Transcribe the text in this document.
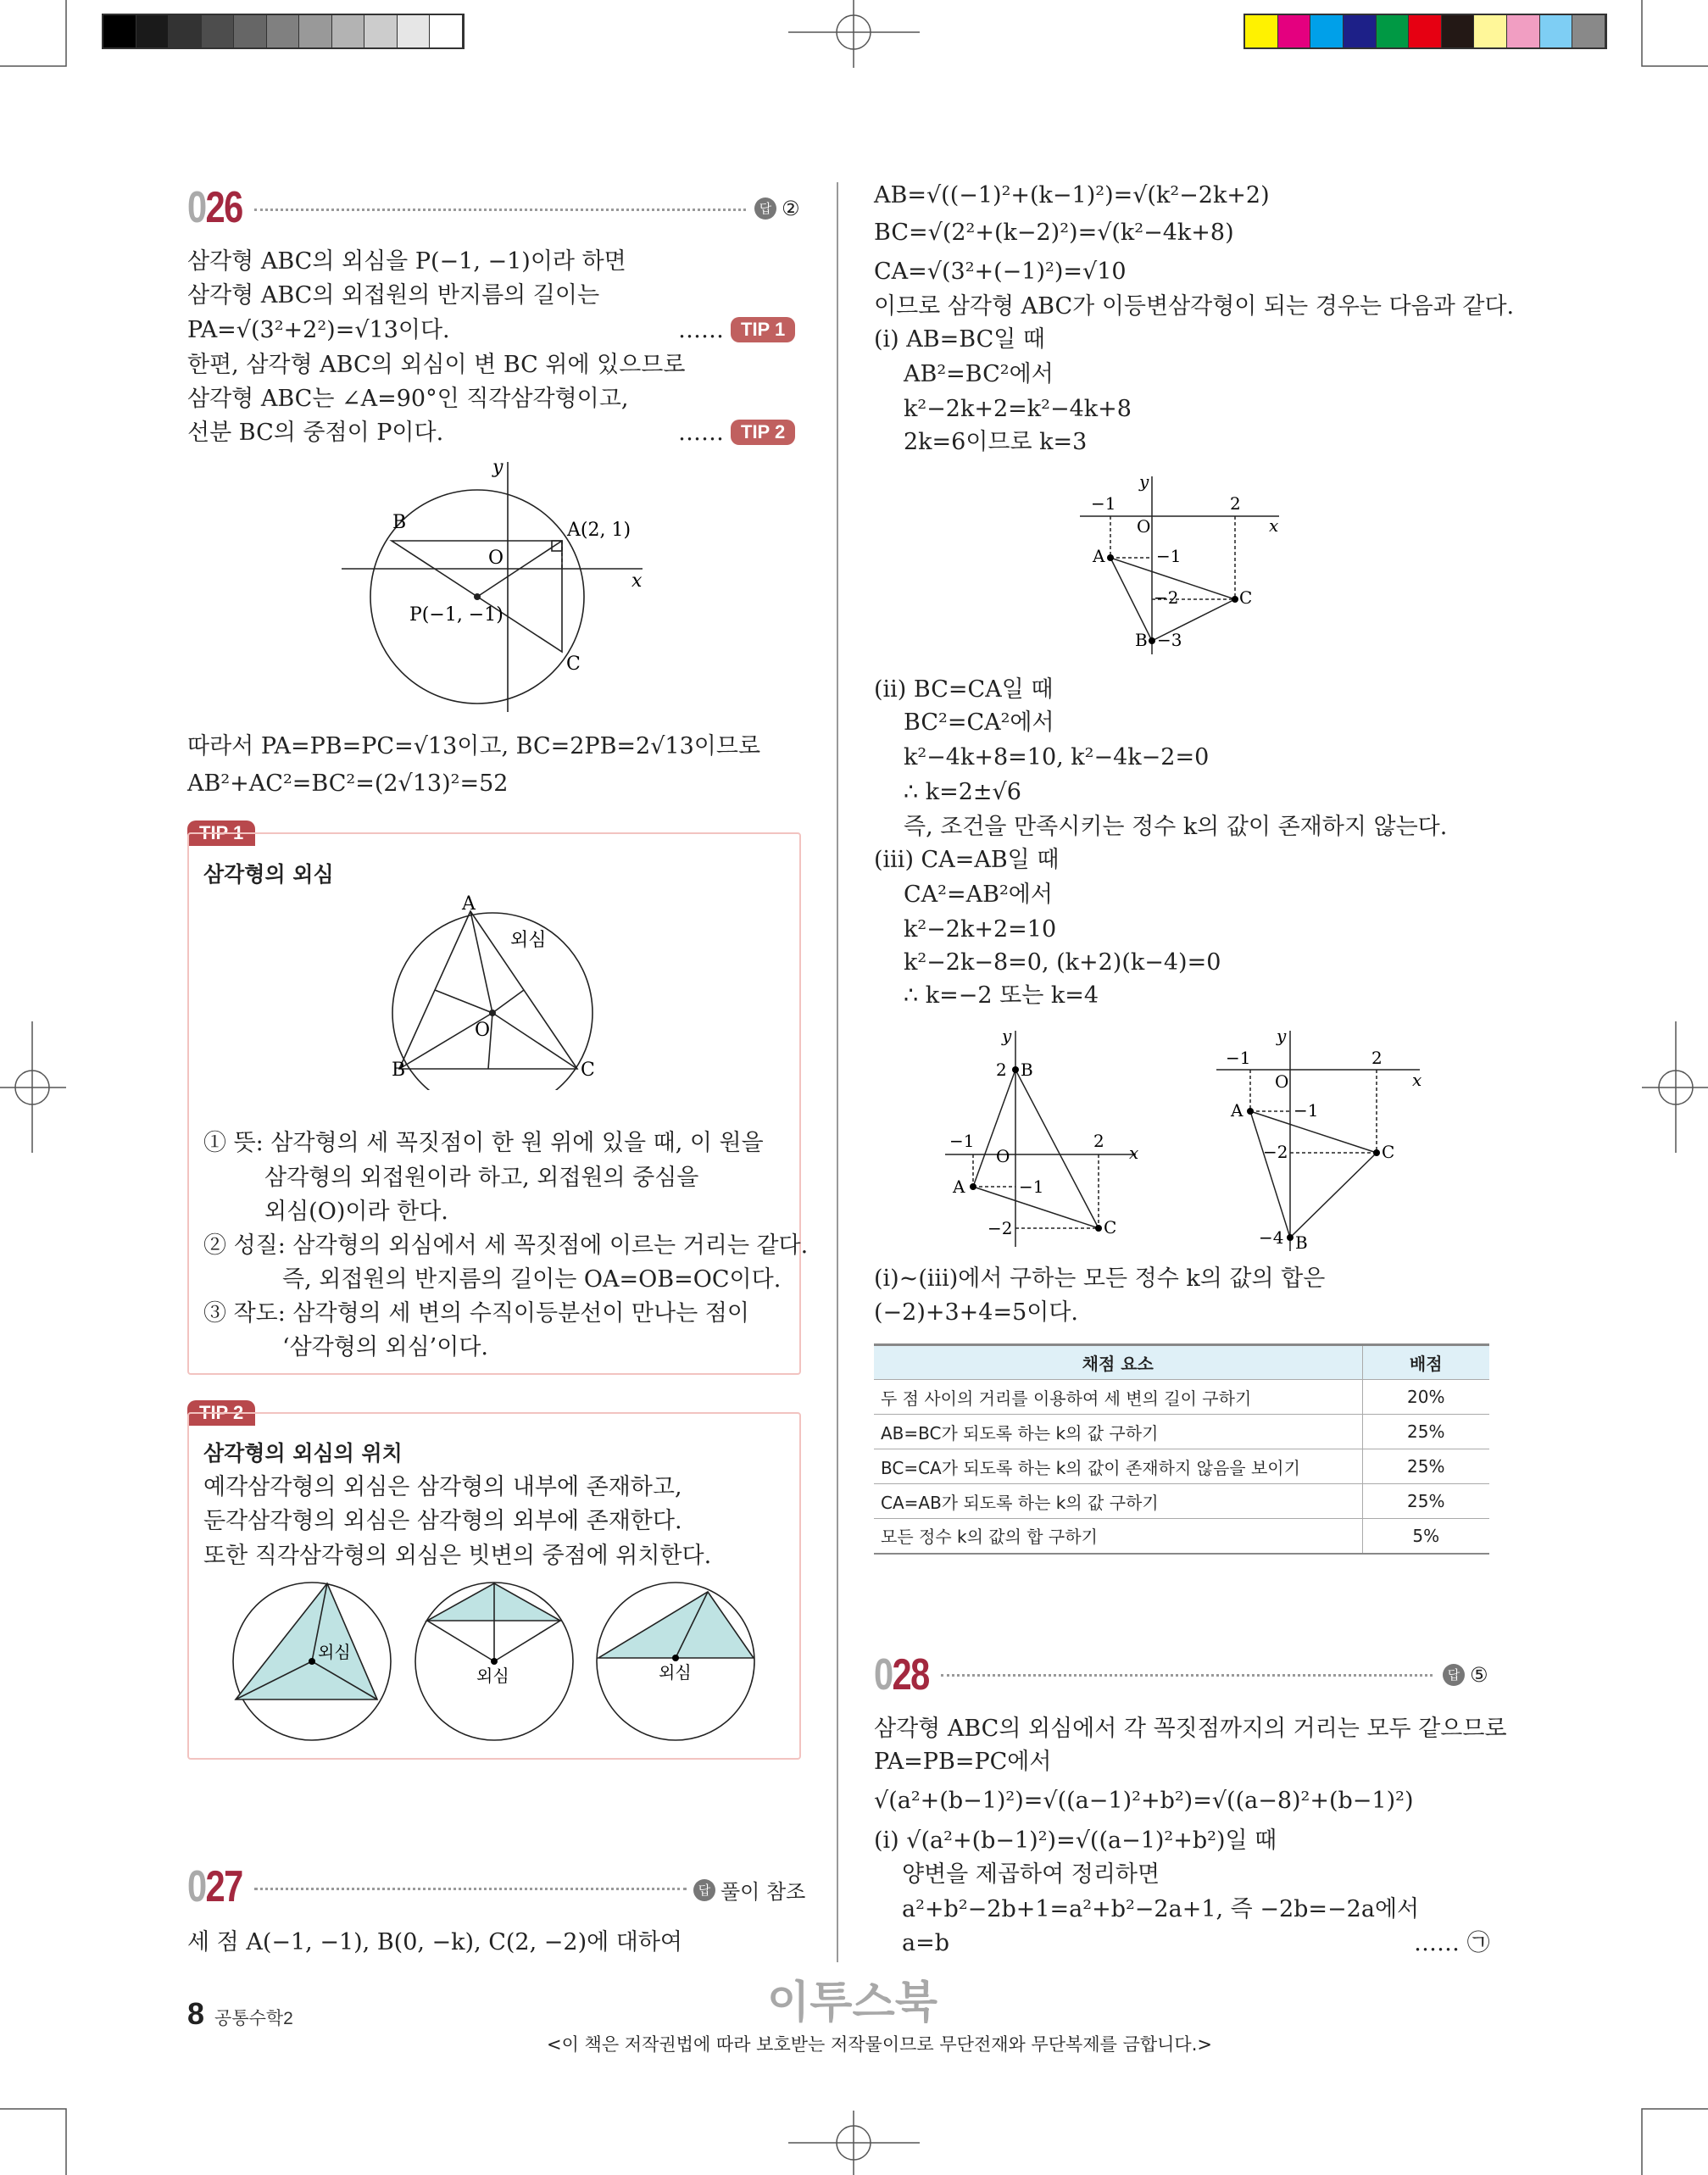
026	답 ②
삼각형 ABC의 외심을 P(−1, −1)이라 하면
삼각형 ABC의 외접원의 반지름의 길이는
PA=√(3²+2²)=√13이다.
한편, 삼각형 ABC의 외심이 변 BC 위에 있으므로
삼각형 ABC는 ∠A=90°인 직각삼각형이고,
선분 BC의 중점이 P이다.
…… TIP 1
…… TIP 2
B	A(2, 1)
O
P(−1, −1)
C
x
y
따라서 PA=PB=PC=√13이고, BC=2PB=2√13이므로
AB²+AC²=BC²=(2√13)²=52
TIP 1
삼각형의 외심
A
B	C
O
외심
① 뜻: 삼각형의 세 꼭짓점이 한 원 위에 있을 때, 이 원을
삼각형의 외접원이라 하고, 외접원의 중심을
외심(O)이라 한다.
② 성질: 삼각형의 외심에서 세 꼭짓점에 이르는 거리는 같다.
즉, 외접원의 반지름의 길이는 OA=OB=OC이다.
③ 작도: 삼각형의 세 변의 수직이등분선이 만나는 점이
‘삼각형의 외심’이다.
TIP 2
삼각형의 외심의 위치
예각삼각형의 외심은 삼각형의 내부에 존재하고,
둔각삼각형의 외심은 삼각형의 외부에 존재한다.
또한 직각삼각형의 외심은 빗변의 중점에 위치한다.
외심
외심	외심
027	답 풀이 참조
세 점 A(−1, −1), B(0, −k), C(2, −2)에 대하여
AB=√((−1)²+(k−1)²)=√(k²−2k+2)
BC=√(2²+(k−2)²)=√(k²−4k+8)
CA=√(3²+(−1)²)=√10
이므로 삼각형 ABC가 이등변삼각형이 되는 경우는 다음과 같다.
(i) AB=BC일 때
AB²=BC²에서
k²−2k+2=k²−4k+8
2k=6이므로 k=3
−1	2
O	x
y
A	−1
−2	C
B −3
(ii) BC=CA일 때
BC²=CA²에서
k²−4k+8=10, k²−4k−2=0
∴ k=2±√6
즉, 조건을 만족시키는 정수 k의 값이 존재하지 않는다.
(iii) CA=AB일 때
CA²=AB²에서
k²−2k+2=10
k²−2k−8=0, (k+2)(k−4)=0
∴ k=−2 또는 k=4
2 B
−1
O	x
y
2
A	−1
−2	C
−1
O
2
x
y
A	−1
−2	C
−4 B
(i)~(iii)에서 구하는 모든 정수 k의 값의 합은
(−2)+3+4=5이다.
채점 요소	배점
두 점 사이의 거리를 이용하여 세 변의 길이 구하기	20%
AB=BC가 되도록 하는 k의 값 구하기	25%
BC=CA가 되도록 하는 k의 값이 존재하지 않음을 보이기	25%
CA=AB가 되도록 하는 k의 값 구하기	25%
모든 정수 k의 값의 합 구하기	5%
028	답 ⑤
삼각형 ABC의 외심에서 각 꼭짓점까지의 거리는 모두 같으므로
PA=PB=PC에서
√(a²+(b−1)²)=√((a−1)²+b²)=√((a−8)²+(b−1)²)
(i) √(a²+(b−1)²)=√((a−1)²+b²)일 때
양변을 제곱하여 정리하면
a²+b²−2b+1=a²+b²−2a+1, 즉 −2b=−2a에서
a=b	…… ㉠
8 공통수학2	이투스북
<이 책은 저작권법에 따라 보호받는 저작물이므로 무단전재와 무단복제를 금합니다.>
